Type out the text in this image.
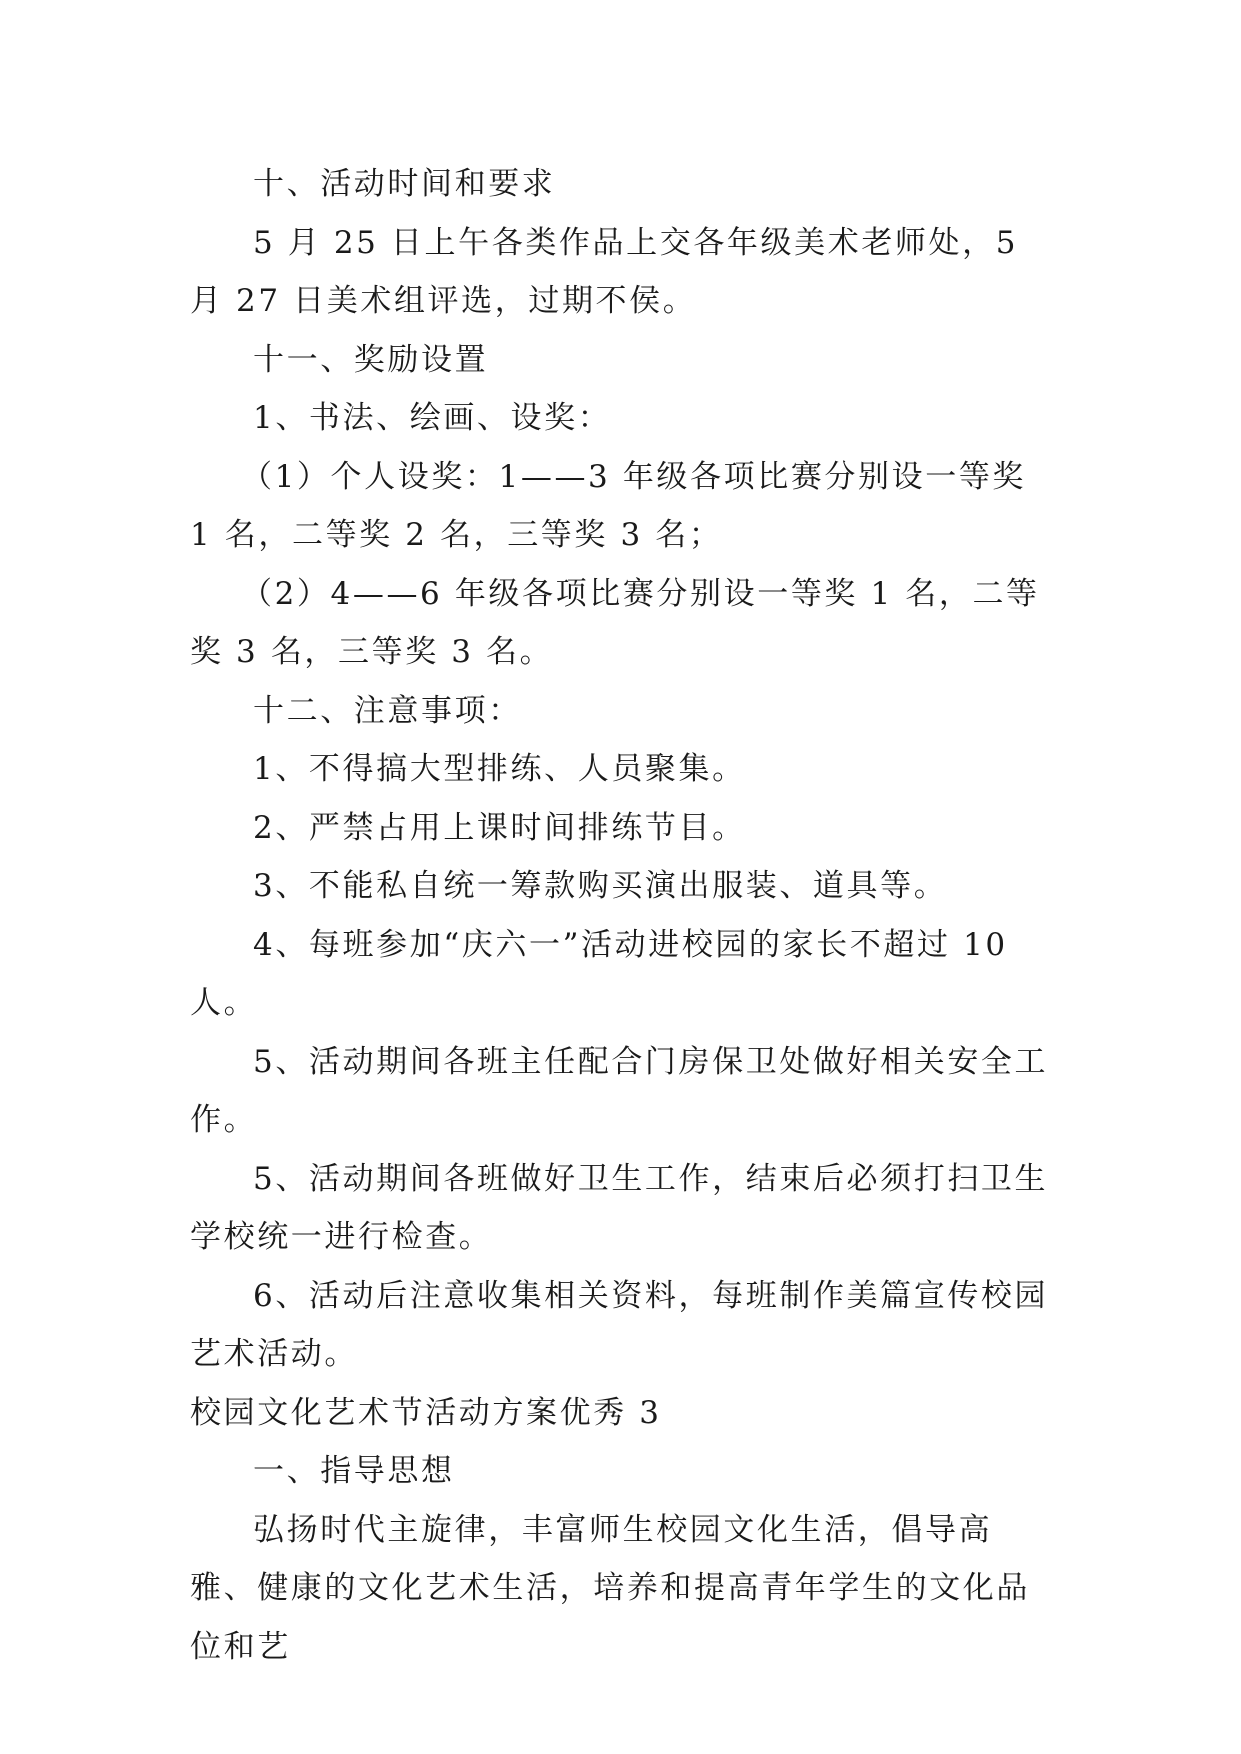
十、活动时间和要求

5 月 25 日上午各类作品上交各年级美术老师处，5 月 27 日美术组评选，过期不侯。

十一、奖励设置

1、书法、绘画、设奖：

（1）个人设奖：1——3 年级各项比赛分别设一等奖 1 名，二等奖 2 名，三等奖 3 名；

（2）4——6 年级各项比赛分别设一等奖 1 名，二等奖 3 名，三等奖 3 名。

十二、注意事项：

1、不得搞大型排练、人员聚集。

2、严禁占用上课时间排练节目。

3、不能私自统一筹款购买演出服装、道具等。

4、每班参加“庆六一”活动进校园的家长不超过 10 人。

5、活动期间各班主任配合门房保卫处做好相关安全工作。

5、活动期间各班做好卫生工作，结束后必须打扫卫生学校统一进行检查。

6、活动后注意收集相关资料，每班制作美篇宣传校园艺术活动。

校园文化艺术节活动方案优秀 3

一、指导思想

弘扬时代主旋律，丰富师生校园文化生活，倡导高雅、健康的文化艺术生活，培养和提高青年学生的文化品位和艺
